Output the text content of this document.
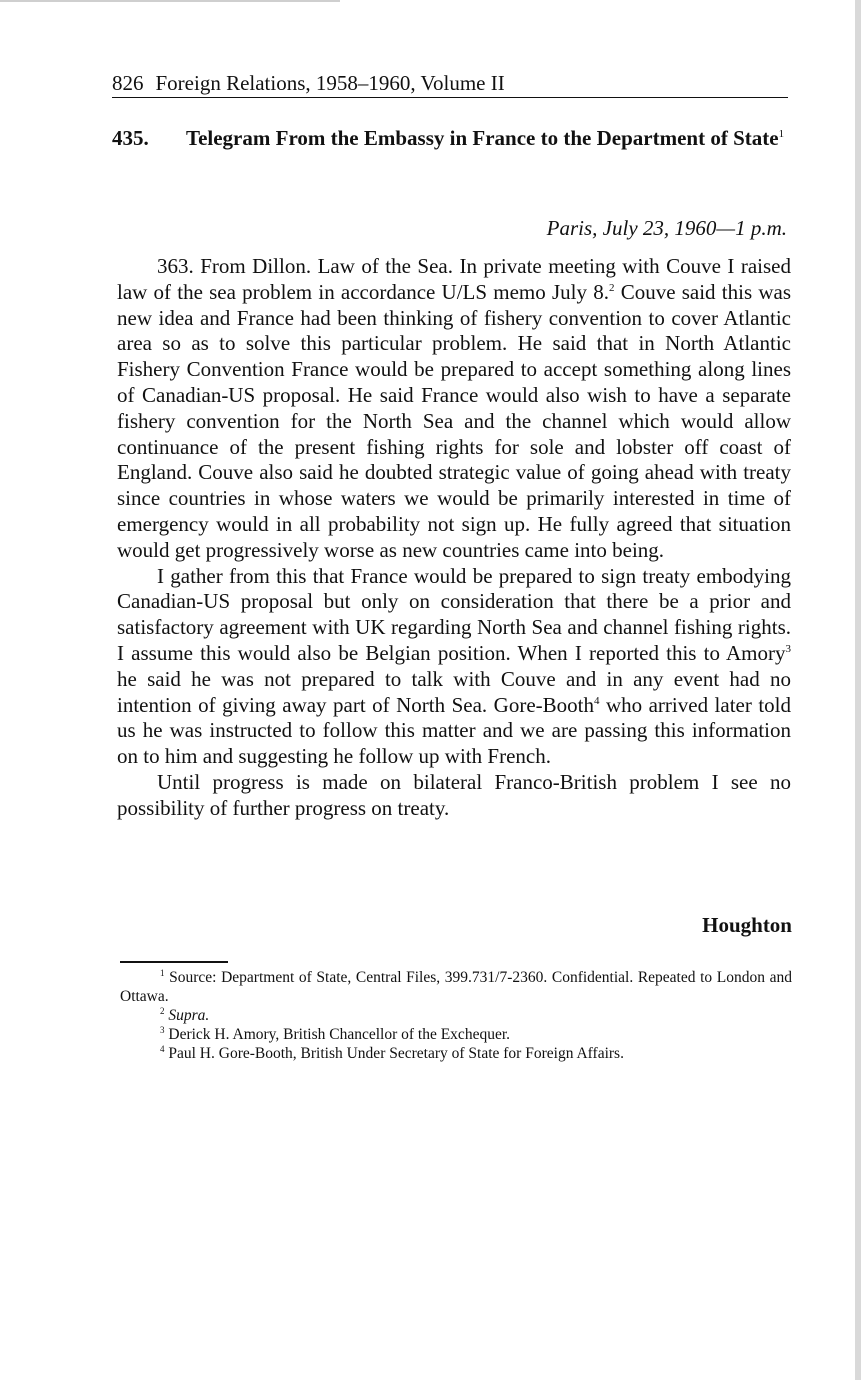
826 Foreign Relations, 1958–1960, Volume II
435. Telegram From the Embassy in France to the Department of State$^1$
Paris, July 23, 1960—1 p.m.

363. From Dillon. Law of the Sea. In private meeting with Couve I raised law of the sea problem in accordance U/LS memo July 8.$^2$ Couve said this was new idea and France had been thinking of fishery convention to cover Atlantic area so as to solve this particular problem. He said that in North Atlantic Fishery Convention France would be prepared to accept something along lines of Canadian-US proposal. He said France would also wish to have a separate fishery convention for the North Sea and the channel which would allow continuance of the present fishing rights for sole and lobster off coast of England. Couve also said he doubted strategic value of going ahead with treaty since countries in whose waters we would be primarily interested in time of emergency would in all probability not sign up. He fully agreed that situation would get progressively worse as new countries came into being.

I gather from this that France would be prepared to sign treaty embodying Canadian-US proposal but only on consideration that there be a prior and satisfactory agreement with UK regarding North Sea and channel fishing rights. I assume this would also be Belgian position. When I reported this to Amory$^3$ he said he was not prepared to talk with Couve and in any event had no intention of giving away part of North Sea. Gore-Booth$^4$ who arrived later told us he was instructed to follow this matter and we are passing this information on to him and suggesting he follow up with French.

Until progress is made on bilateral Franco-British problem I see no possibility of further progress on treaty.

Houghton

$^1$ Source: Department of State, Central Files, 399.731/7-2360. Confidential. Repeated to London and Ottawa.

$^2$ Supra.

$^3$ Derick H. Amory, British Chancellor of the Exchequer.

$^4$ Paul H. Gore-Booth, British Under Secretary of State for Foreign Affairs.
